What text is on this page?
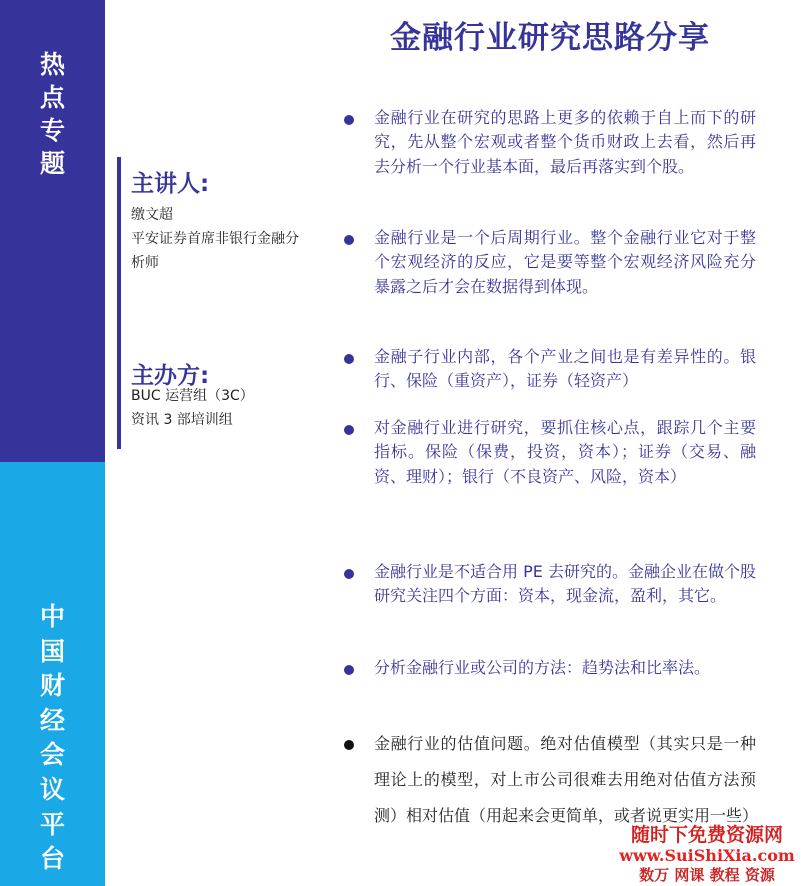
热
点
专
题
中
国
财
经
会
议
平
台
金融行业研究思路分享
主讲人:
缴文超
平安证券首席非银行金融分
析师
主办方:
BUC 运营组（3C）
资讯 3 部培训组
金融行业在研究的思路上更多的依赖于自上而下的研究，先从整个宏观或者整个货币财政上去看，然后再去分析一个行业基本面，最后再落实到个股。
金融行业是一个后周期行业。整个金融行业它对于整个宏观经济的反应，它是要等整个宏观经济风险充分暴露之后才会在数据得到体现。
金融子行业内部，各个产业之间也是有差异性的。银行、保险（重资产），证券（轻资产）
对金融行业进行研究，要抓住核心点，跟踪几个主要指标。保险（保费，投资，资本）；证券（交易、融资、理财）；银行（不良资产、风险，资本）
金融行业是不适合用 PE 去研究的。金融企业在做个股研究关注四个方面：资本，现金流，盈利，其它。
分析金融行业或公司的方法：趋势法和比率法。
金融行业的估值问题。绝对估值模型（其实只是一种理论上的模型，对上市公司很难去用绝对估值方法预测）相对估值（用起来会更简单，或者说更实用一些）
随时下免费资源网
www.SuiShiXia.com
数万 网课 教程 资源
